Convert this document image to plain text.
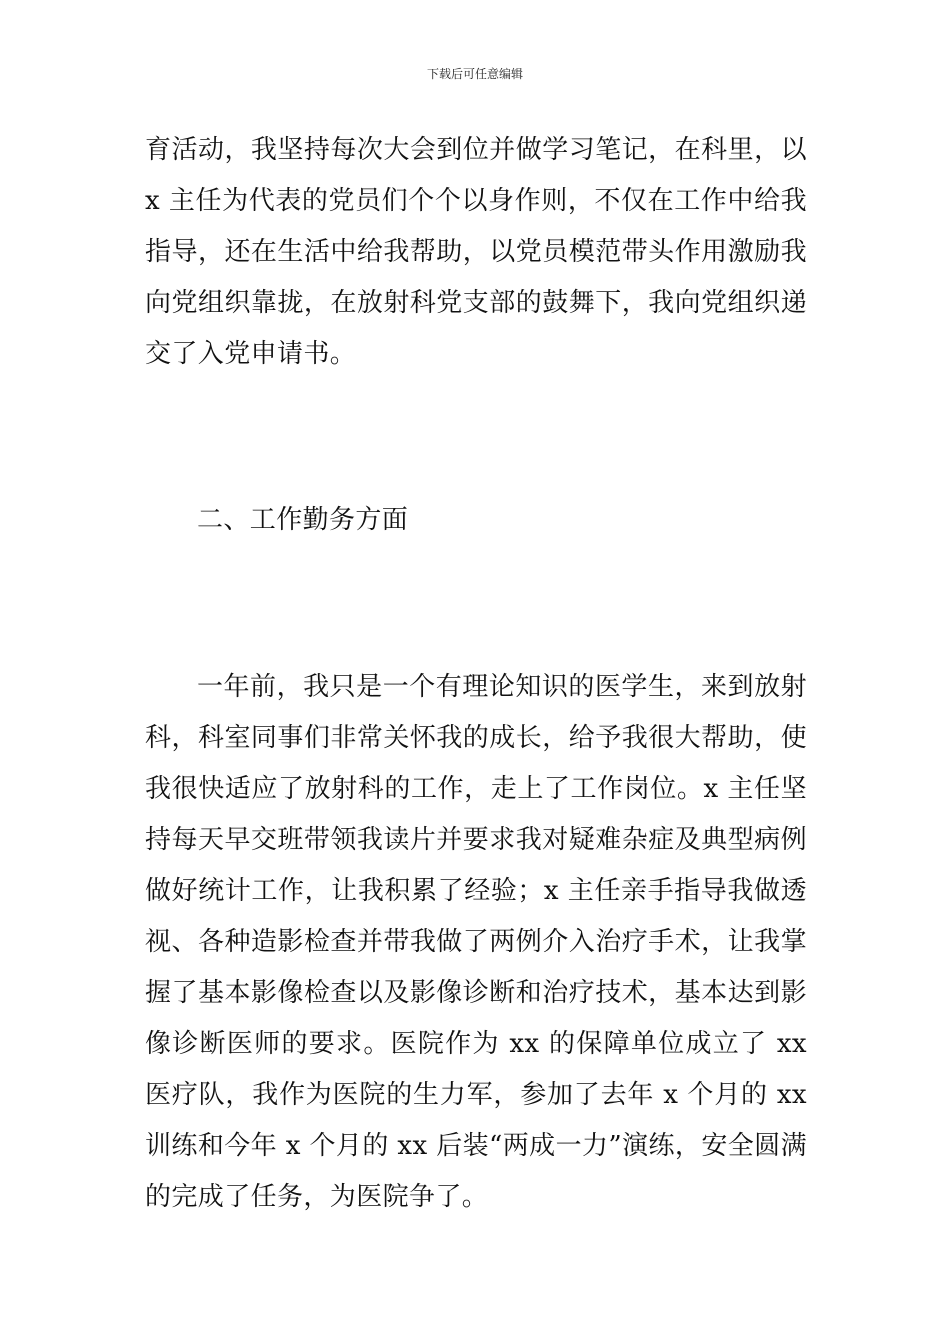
下载后可任意编辑

育活动，我坚持每次大会到位并做学习笔记，在科里，以 x 主任为代表的党员们个个以身作则，不仅在工作中给我指导，还在生活中给我帮助，以党员模范带头作用激励我向党组织靠拢，在放射科党支部的鼓舞下，我向党组织递交了入党申请书。

二、工作勤务方面

一年前，我只是一个有理论知识的医学生，来到放射科，科室同事们非常关怀我的成长，给予我很大帮助，使我很快适应了放射科的工作，走上了工作岗位。x 主任坚持每天早交班带领我读片并要求我对疑难杂症及典型病例做好统计工作，让我积累了经验；x 主任亲手指导我做透视、各种造影检查并带我做了两例介入治疗手术，让我掌握了基本影像检查以及影像诊断和治疗技术，基本达到影像诊断医师的要求。医院作为 xx 的保障单位成立了 xx 医疗队，我作为医院的生力军，参加了去年 x 个月的 xx 训练和今年 x 个月的 xx 后装“两成一力”演练，安全圆满的完成了任务，为医院争了。
